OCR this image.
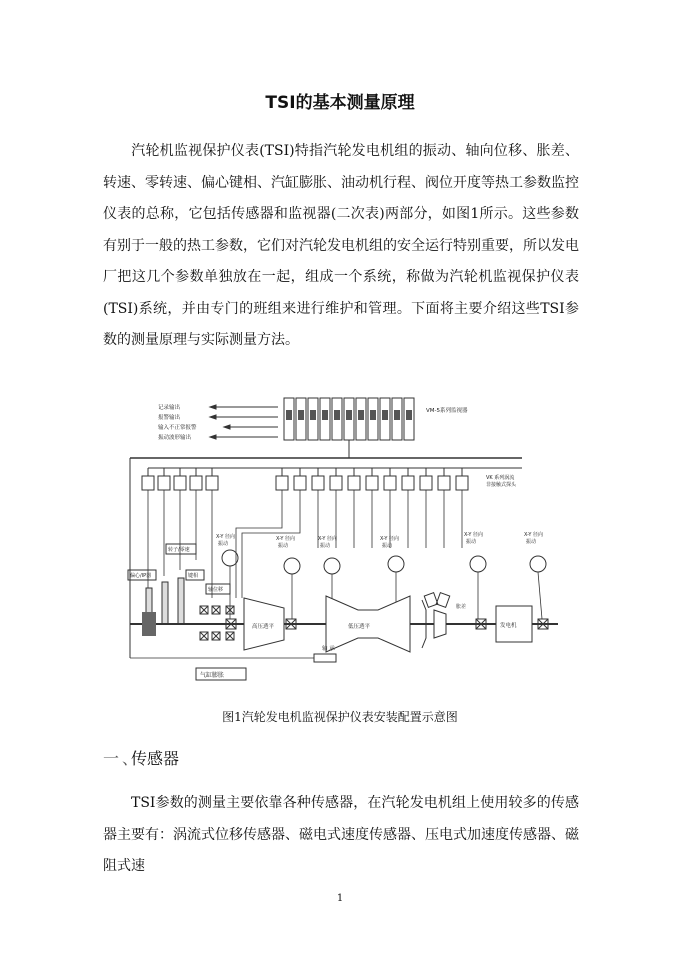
TSI的基本测量原理

汽轮机监视保护仪表(TSI)特指汽轮发电机组的振动、轴向位移、胀差、转速、零转速、偏心键相、汽缸膨胀、油动机行程、阀位开度等热工参数监控仪表的总称，它包括传感器和监视器(二次表)两部分，如图1所示。这些参数有别于一般的热工参数，它们对汽轮发电机组的安全运行特别重要，所以发电厂把这几个参数单独放在一起，组成一个系统，称做为汽轮机监视保护仪表(TSI)系统，并由专门的班组来进行维护和管理。下面将主要介绍这些TSI参数的测量原理与实际测量方法。

记录输出
报警输出
输入不正常报警
振动波形输出
VM-5系列监视器
VK 系列涡流
非接触式探头
X-Y 径向
振动
X-Y 径向
振动
X-Y 径向
振动
X-Y 径向
振动
X-Y 径向
振动
X-Y 径向
振动
转子/零速
偏心/IP器	键相
轴位移
高压透平	低压透平
胀差
发电机
轴 承
气缸膨胀
图1汽轮发电机监视保护仪表安装配置示意图
一、传感器

TSI参数的测量主要依靠各种传感器，在汽轮发电机组上使用较多的传感器主要有：涡流式位移传感器、磁电式速度传感器、压电式加速度传感器、磁阻式速

1
